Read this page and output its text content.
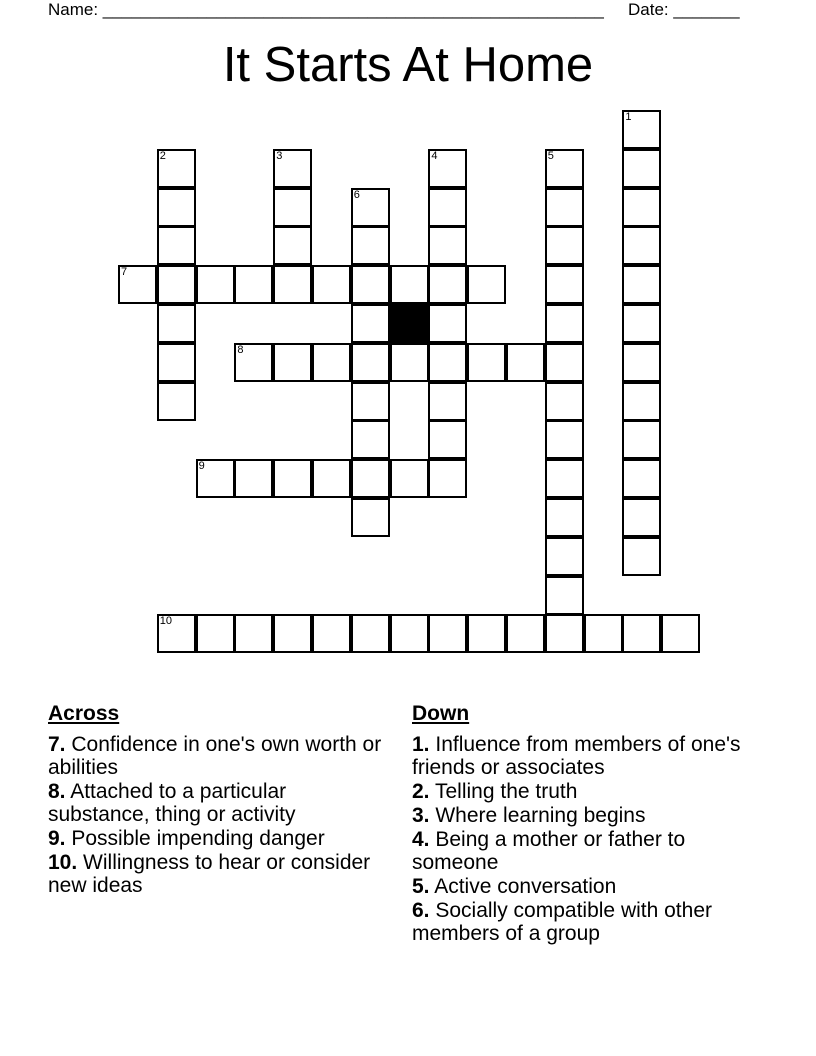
Name: _____________________________________________________ Date: _______
It Starts At Home
1
2	3	4	5
6
7
8
9
10
Across
7. Confidence in one's own worth or abilities
8. Attached to a particular substance, thing or activity
9. Possible impending danger
10. Willingness to hear or consider new ideas
Down
1. Influence from members of one's friends or associates
2. Telling the truth
3. Where learning begins
4. Being a mother or father to someone
5. Active conversation
6. Socially compatible with other members of a group
